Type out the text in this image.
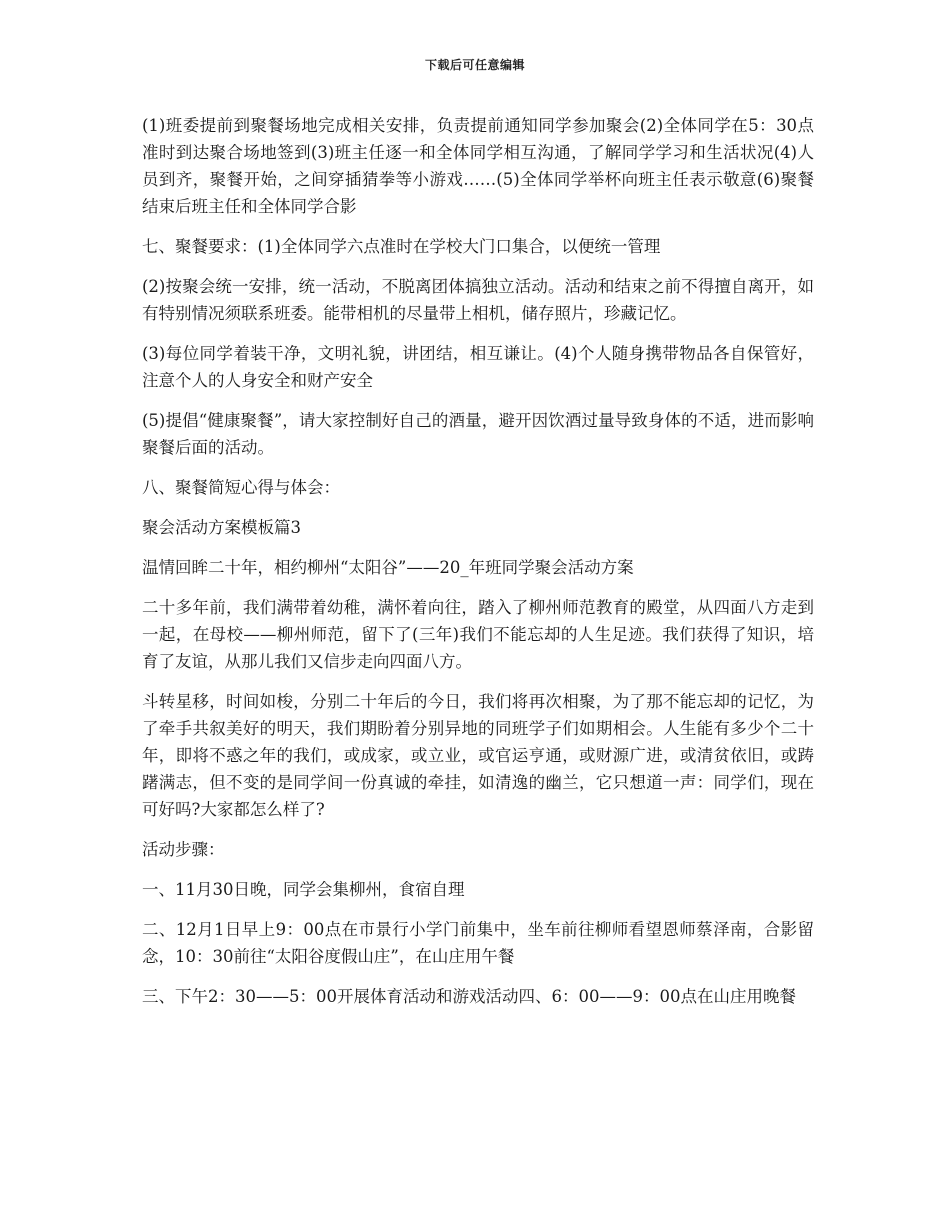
下载后可任意编辑

(1)班委提前到聚餐场地完成相关安排，负责提前通知同学参加聚会(2)全体同学在5：30点准时到达聚合场地签到(3)班主任逐一和全体同学相互沟通，了解同学学习和生活状况(4)人员到齐，聚餐开始，之间穿插猜拳等小游戏……(5)全体同学举杯向班主任表示敬意(6)聚餐结束后班主任和全体同学合影

七、聚餐要求：(1)全体同学六点准时在学校大门口集合，以便统一管理

(2)按聚会统一安排，统一活动，不脱离团体搞独立活动。活动和结束之前不得擅自离开，如有特别情况须联系班委。能带相机的尽量带上相机，储存照片，珍藏记忆。

(3)每位同学着装干净，文明礼貌，讲团结，相互谦让。(4)个人随身携带物品各自保管好，注意个人的人身安全和财产安全

(5)提倡“健康聚餐”，请大家控制好自己的酒量，避开因饮酒过量导致身体的不适，进而影响聚餐后面的活动。

八、聚餐简短心得与体会：

聚会活动方案模板篇3

温情回眸二十年，相约柳州“太阳谷”——20_年班同学聚会活动方案

二十多年前，我们满带着幼稚，满怀着向往，踏入了柳州师范教育的殿堂，从四面八方走到一起，在母校——柳州师范，留下了(三年)我们不能忘却的人生足迹。我们获得了知识，培育了友谊，从那儿我们又信步走向四面八方。

斗转星移，时间如梭，分别二十年后的今日，我们将再次相聚，为了那不能忘却的记忆，为了牵手共叙美好的明天，我们期盼着分别异地的同班学子们如期相会。人生能有多少个二十年，即将不惑之年的我们，或成家，或立业，或官运亨通，或财源广进，或清贫依旧，或踌躇满志，但不变的是同学间一份真诚的牵挂，如清逸的幽兰，它只想道一声：同学们，现在可好吗?大家都怎么样了?

活动步骤：

一、11月30日晚，同学会集柳州，食宿自理

二、12月1日早上9：00点在市景行小学门前集中，坐车前往柳师看望恩师蔡泽南，合影留念，10：30前往“太阳谷度假山庄”，在山庄用午餐

三、下午2：30——5：00开展体育活动和游戏活动四、6：00——9：00点在山庄用晚餐
